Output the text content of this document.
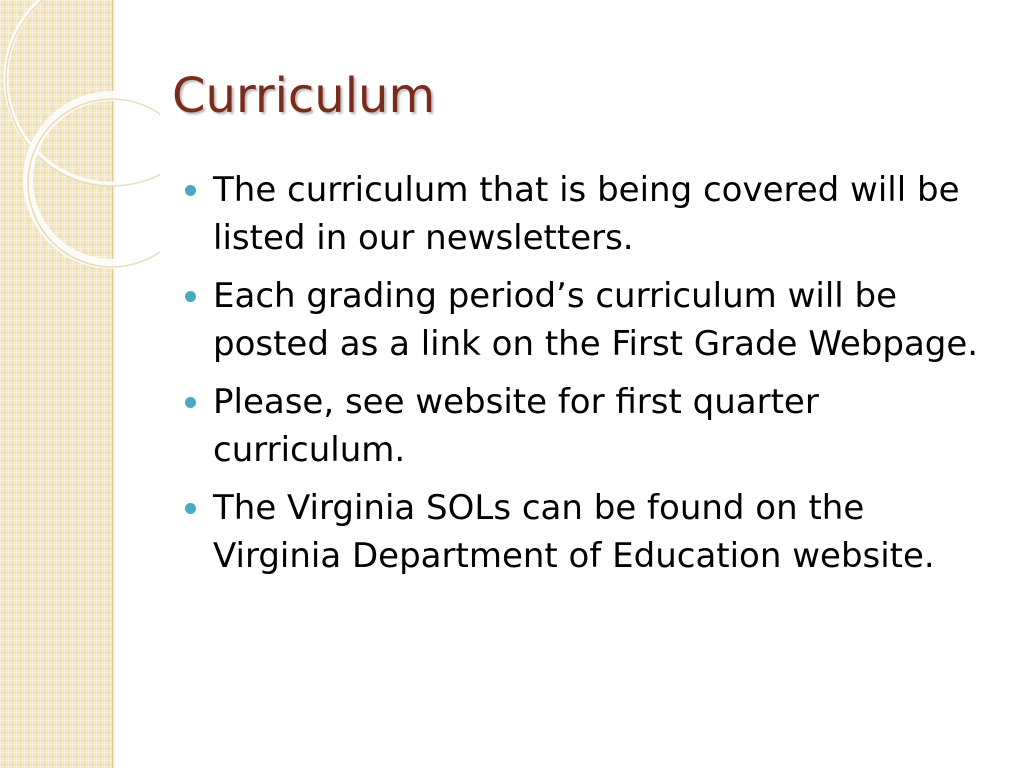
Curriculum
The curriculum that is being covered will be listed in our newsletters.
Each grading period’s curriculum will be posted as a link on the First Grade Webpage.
Please, see website for first quarter curriculum.
The Virginia SOLs can be found on the Virginia Department of Education website.
